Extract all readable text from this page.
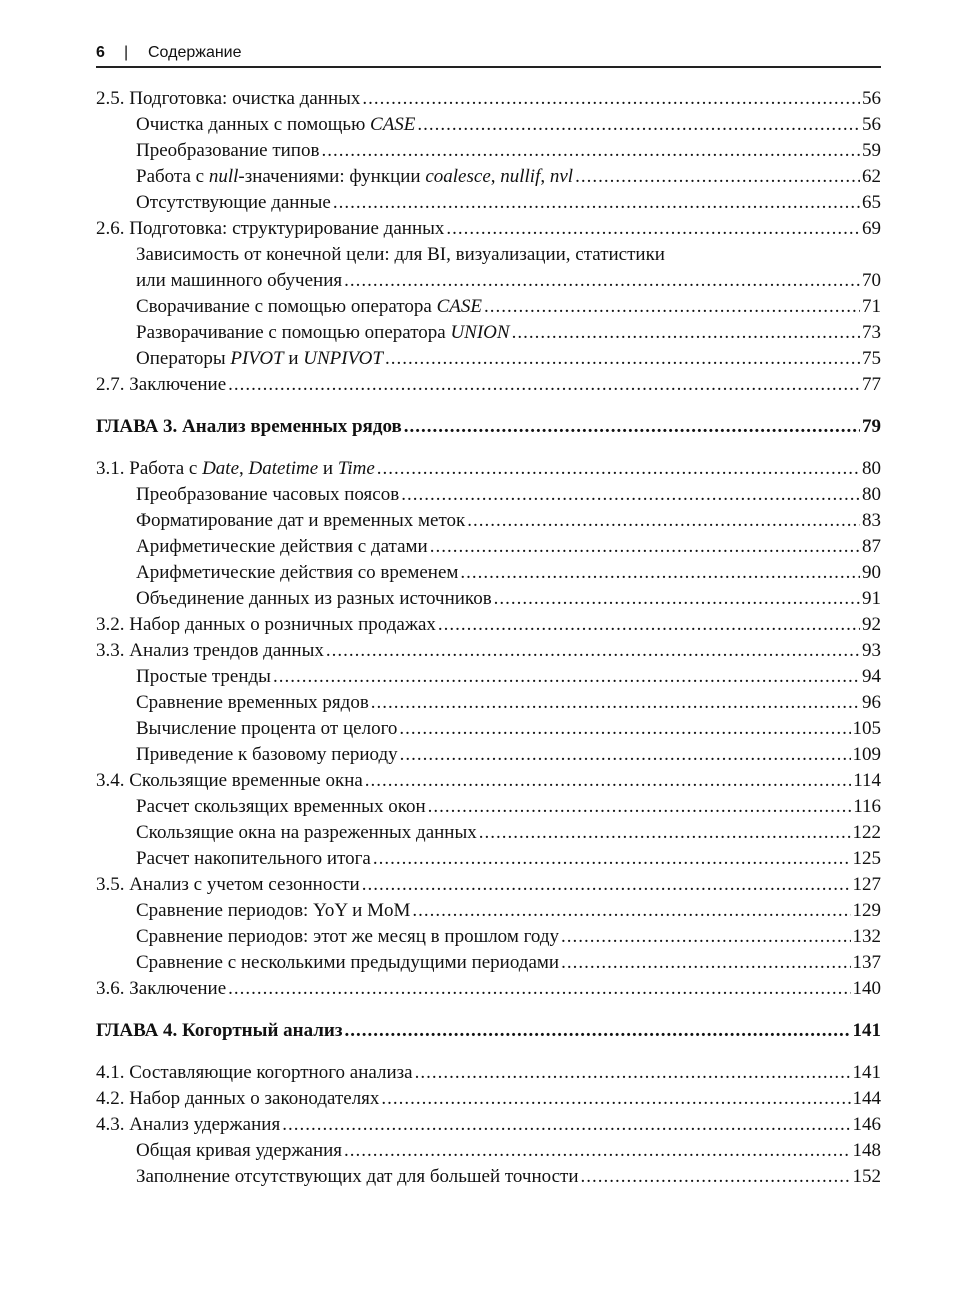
6 | Содержание
2.5. Подготовка: очистка данных .....	56
Очистка данных с помощью CASE .....	56
Преобразование типов .....	59
Работа с null-значениями: функции coalesce, nullif, nvl .....	62
Отсутствующие данные .....	65
2.6. Подготовка: структурирование данных .....	69
Зависимость от конечной цели: для BI, визуализации, статистики
или машинного обучения .....	70
Сворачивание с помощью оператора CASE .....	71
Разворачивание с помощью оператора UNION .....	73
Операторы PIVOT и UNPIVOT .....	75
2.7. Заключение .....	77
ГЛАВА 3. Анализ временных рядов .....	79
3.1. Работа с Date, Datetime и Time .....	80
Преобразование часовых поясов .....	80
Форматирование дат и временных меток .....	83
Арифметические действия с датами .....	87
Арифметические действия со временем .....	90
Объединение данных из разных источников .....	91
3.2. Набор данных о розничных продажах .....	92
3.3. Анализ трендов данных .....	93
Простые тренды .....	94
Сравнение временных рядов .....	96
Вычисление процента от целого .....	105
Приведение к базовому периоду .....	109
3.4. Скользящие временные окна .....	114
Расчет скользящих временных окон .....	116
Скользящие окна на разреженных данных .....	122
Расчет накопительного итога .....	125
3.5. Анализ с учетом сезонности .....	127
Сравнение периодов: YoY и MoM .....	129
Сравнение периодов: этот же месяц в прошлом году .....	132
Сравнение с несколькими предыдущими периодами .....	137
3.6. Заключение .....	140
ГЛАВА 4. Когортный анализ .....	141
4.1. Составляющие когортного анализа .....	141
4.2. Набор данных о законодателях .....	144
4.3. Анализ удержания .....	146
Общая кривая удержания .....	148
Заполнение отсутствующих дат для большей точности .....	152
